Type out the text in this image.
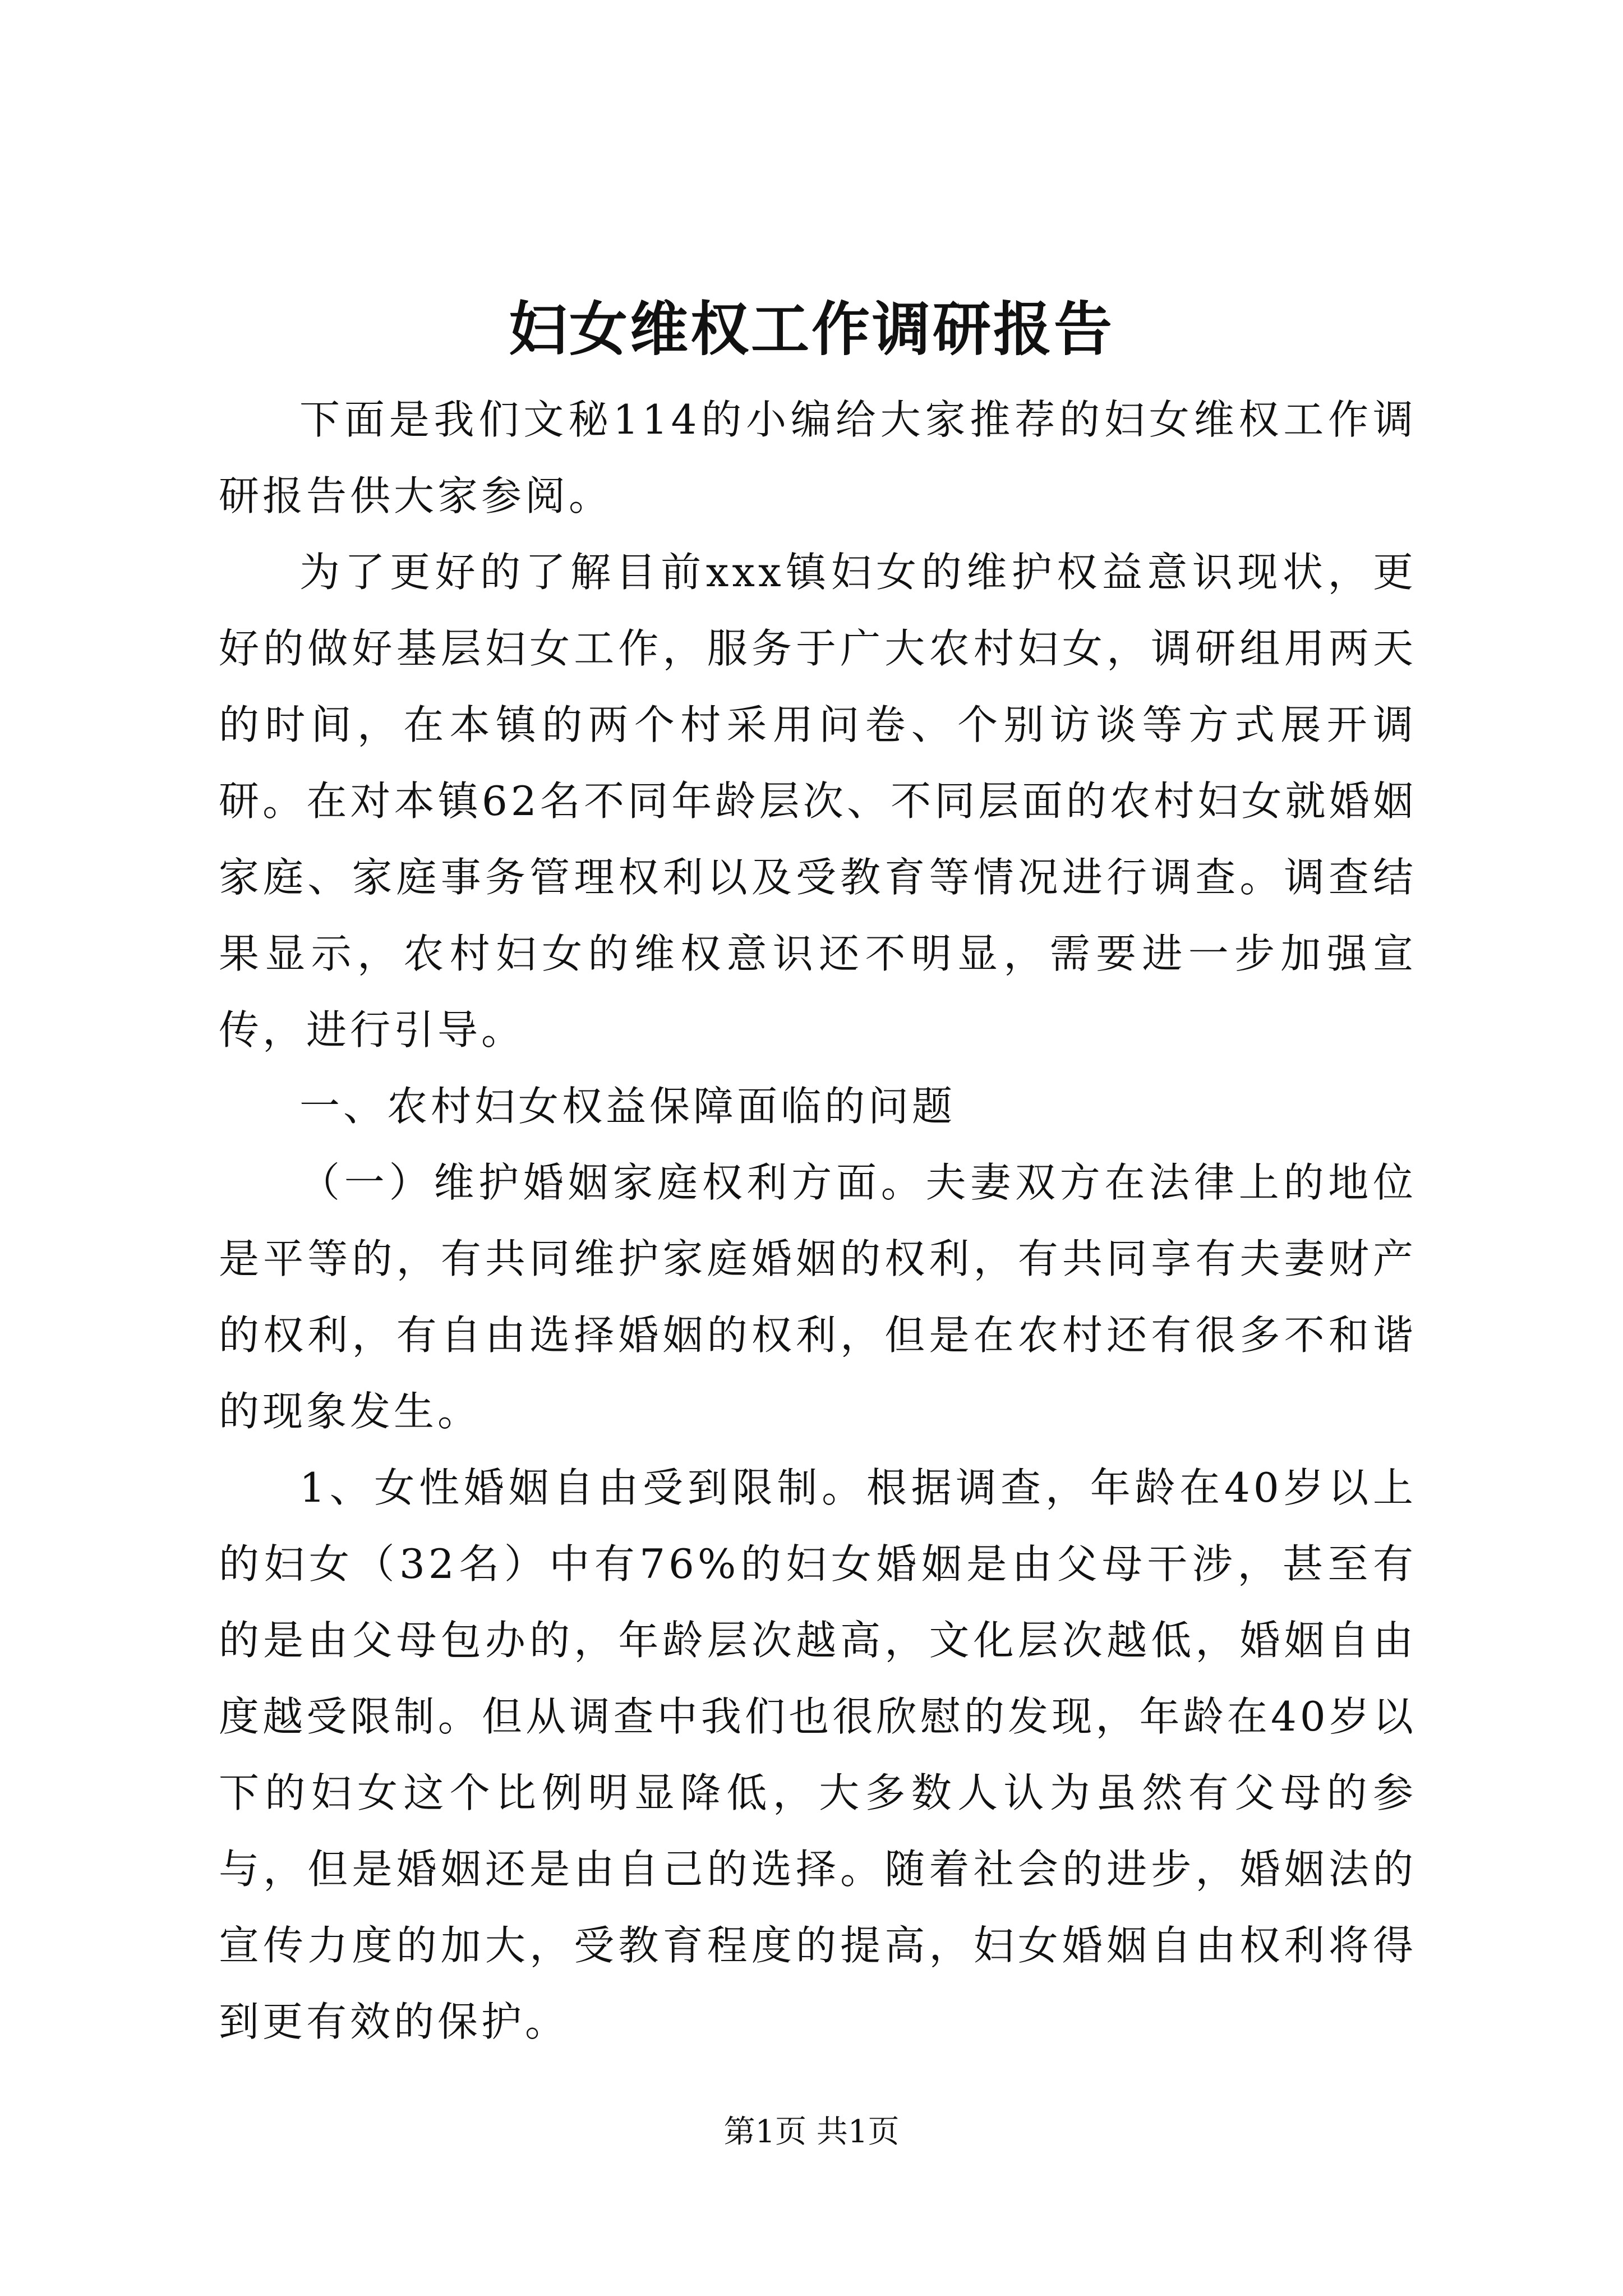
妇女维权工作调研报告

下面是我们文秘114的小编给大家推荐的妇女维权工作调研报告供大家参阅。

为了更好的了解目前xxx镇妇女的维护权益意识现状，更好的做好基层妇女工作，服务于广大农村妇女，调研组用两天的时间，在本镇的两个村采用问卷、个别访谈等方式展开调研。在对本镇62名不同年龄层次、不同层面的农村妇女就婚姻家庭、家庭事务管理权利以及受教育等情况进行调查。调查结果显示，农村妇女的维权意识还不明显，需要进一步加强宣传，进行引导。

一、农村妇女权益保障面临的问题

（一）维护婚姻家庭权利方面。夫妻双方在法律上的地位是平等的，有共同维护家庭婚姻的权利，有共同享有夫妻财产的权利，有自由选择婚姻的权利，但是在农村还有很多不和谐的现象发生。

1、女性婚姻自由受到限制。根据调查，年龄在40岁以上的妇女（32名）中有76%的妇女婚姻是由父母干涉，甚至有的是由父母包办的，年龄层次越高，文化层次越低，婚姻自由度越受限制。但从调查中我们也很欣慰的发现，年龄在40岁以下的妇女这个比例明显降低，大多数人认为虽然有父母的参与，但是婚姻还是由自己的选择。随着社会的进步，婚姻法的宣传力度的加大，受教育程度的提高，妇女婚姻自由权利将得到更有效的保护。

第1页 共1页
